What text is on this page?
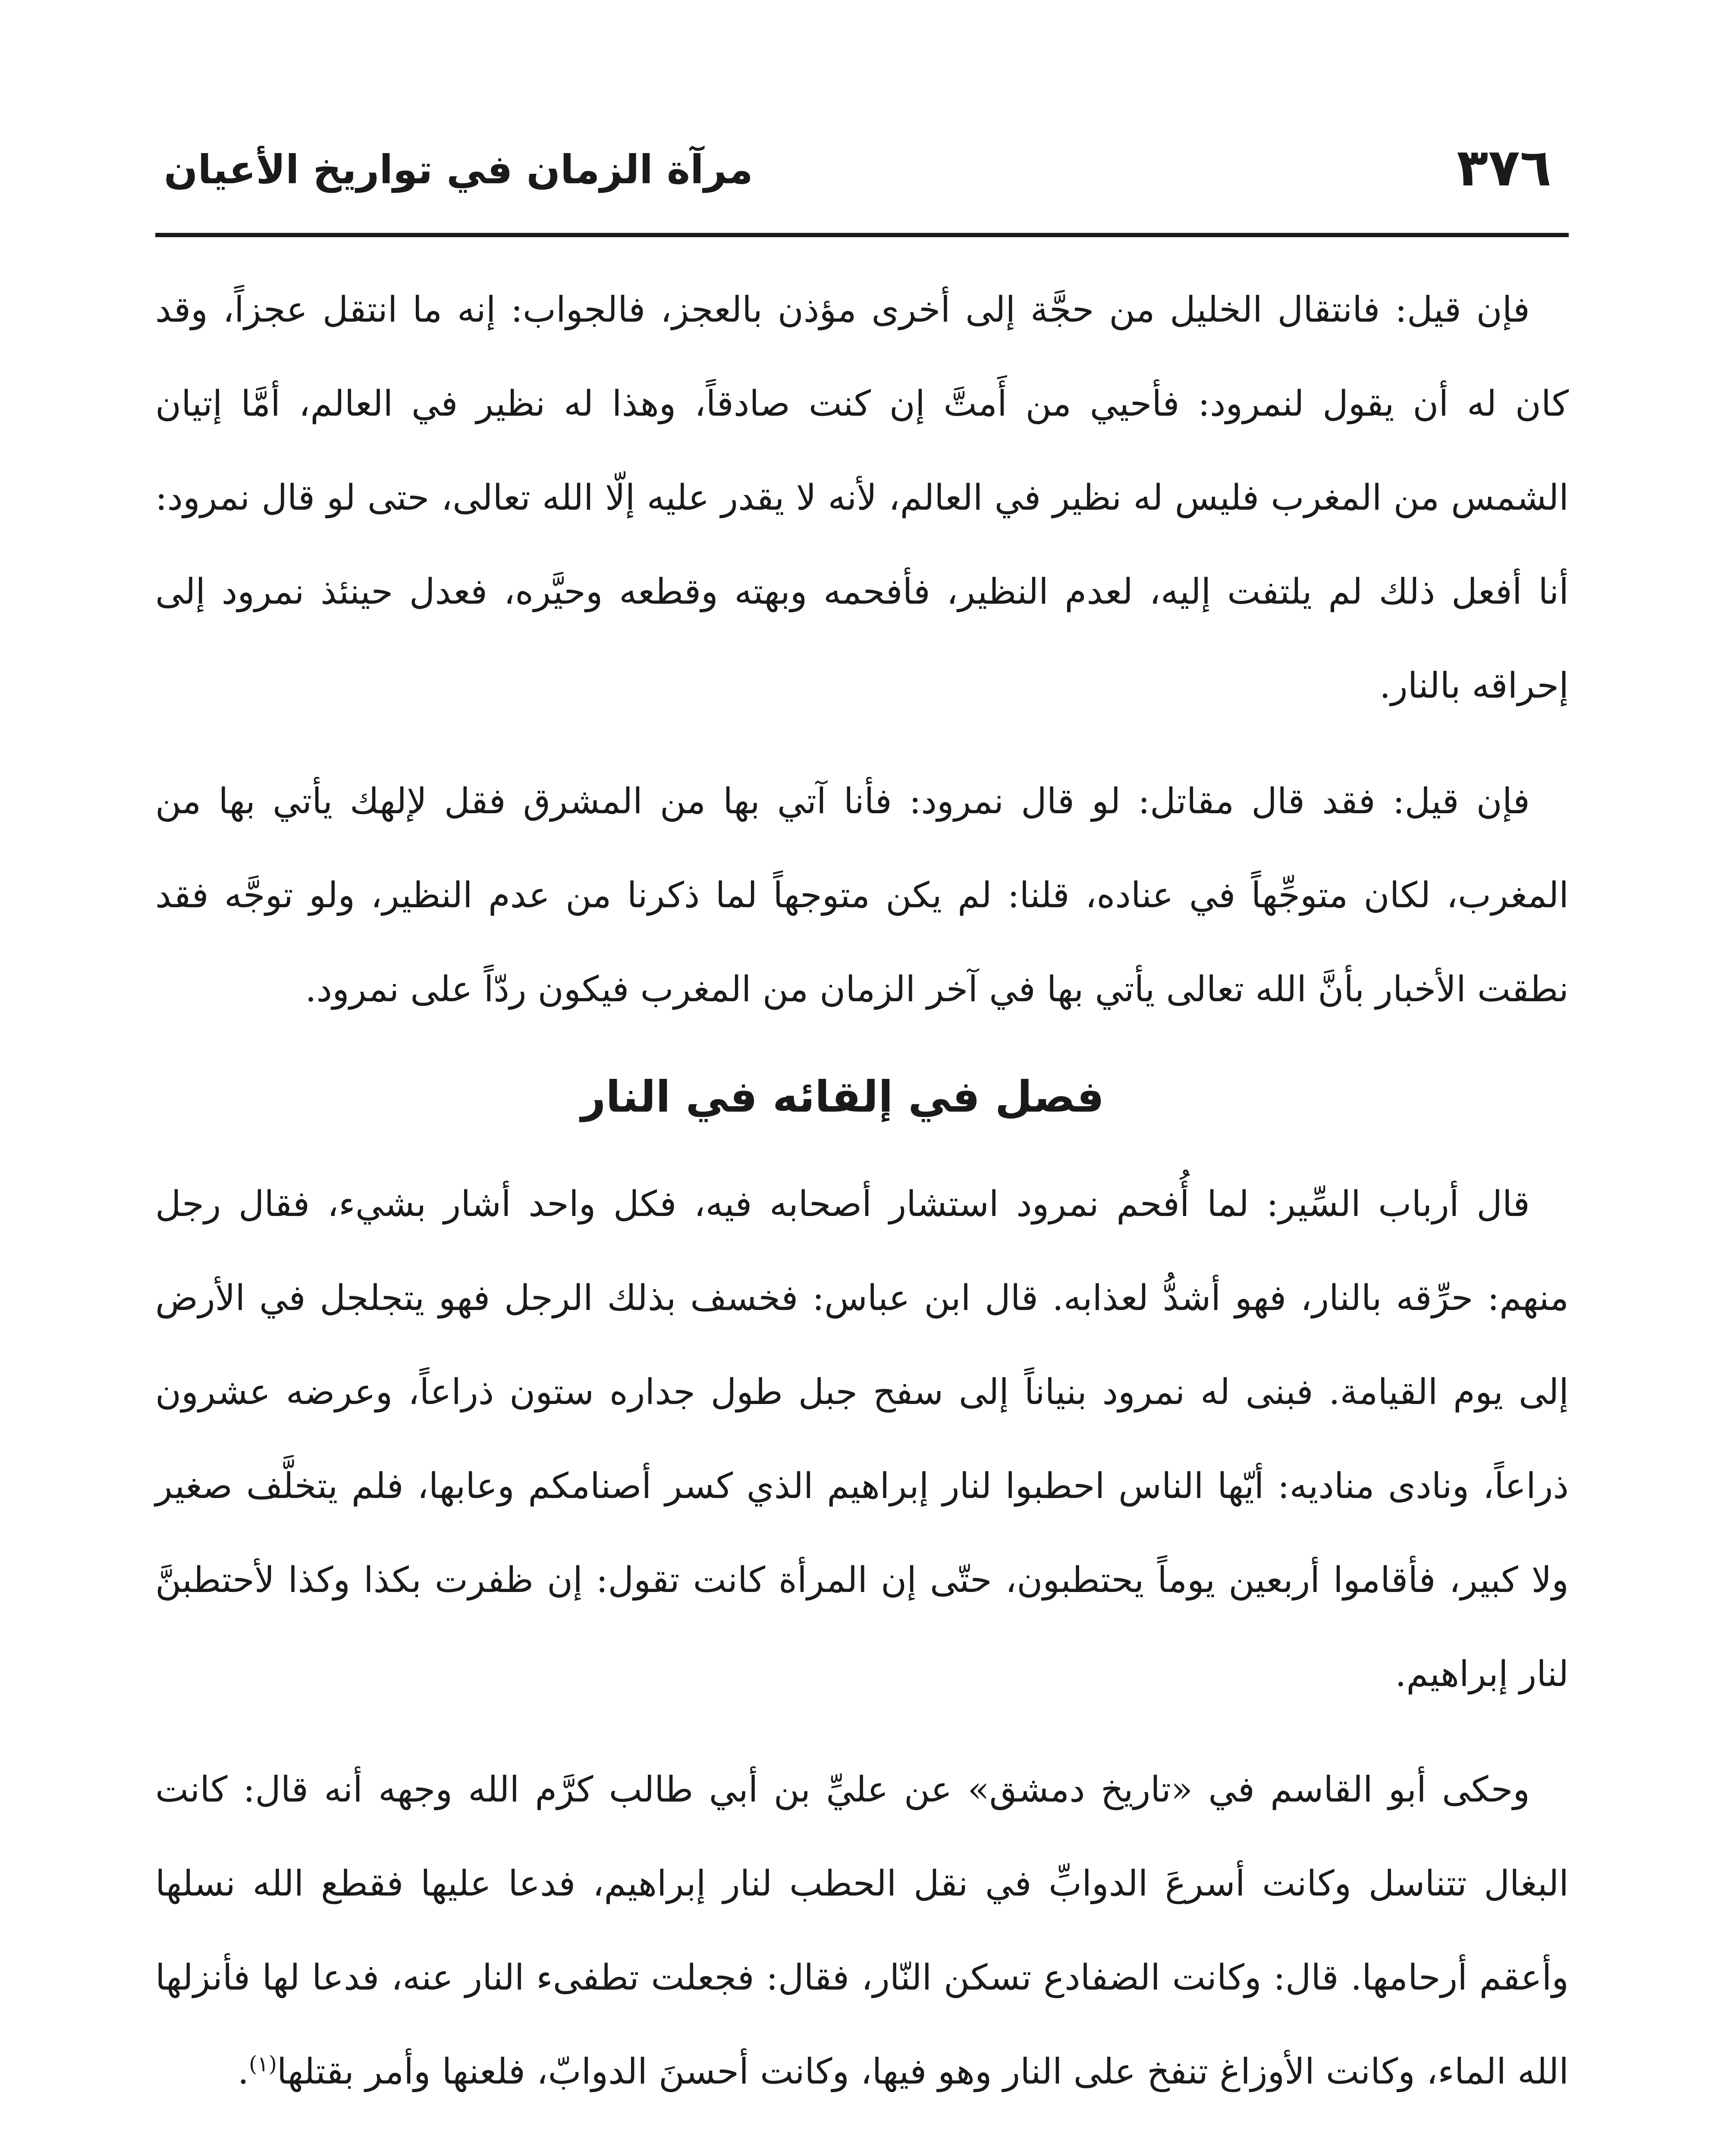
٣٧٦
مرآة الزمان في تواريخ الأعيان

فإن قيل: فانتقال الخليل من حجَّة إلى أخرى مؤذن بالعجز، فالجواب: إنه ما انتقل عجزاً، وقد كان له أن يقول لنمرود: فأحيي من أَمتَّ إن كنت صادقاً، وهذا له نظير في العالم، أمَّا إتيان الشمس من المغرب فليس له نظير في العالم، لأنه لا يقدر عليه إلّا الله تعالى، حتى لو قال نمرود: أنا أفعل ذلك لم يلتفت إليه، لعدم النظير، فأفحمه وبهته وقطعه وحيَّره، فعدل حينئذ نمرود إلى إحراقه بالنار.

فإن قيل: فقد قال مقاتل: لو قال نمرود: فأنا آتي بها من المشرق فقل لإلهك يأتي بها من المغرب، لكان متوجِّهاً في عناده، قلنا: لم يكن متوجهاً لما ذكرنا من عدم النظير، ولو توجَّه فقد نطقت الأخبار بأنَّ الله تعالى يأتي بها في آخر الزمان من المغرب فيكون ردّاً على نمرود.

فصل في إلقائه في النار

قال أرباب السِّير: لما أُفحم نمرود استشار أصحابه فيه، فكل واحد أشار بشيء، فقال رجل منهم: حرِّقه بالنار، فهو أشدُّ لعذابه. قال ابن عباس: فخسف بذلك الرجل فهو يتجلجل في الأرض إلى يوم القيامة. فبنى له نمرود بنياناً إلى سفح جبل طول جداره ستون ذراعاً، وعرضه عشرون ذراعاً، ونادى مناديه: أيّها الناس احطبوا لنار إبراهيم الذي كسر أصنامكم وعابها، فلم يتخلَّف صغير ولا كبير، فأقاموا أربعين يوماً يحتطبون، حتّى إن المرأة كانت تقول: إن ظفرت بكذا وكذا لأحتطبنَّ لنار إبراهيم.

وحكى أبو القاسم في «تاريخ دمشق» عن عليِّ بن أبي طالب كرَّم الله وجهه أنه قال: كانت البغال تتناسل وكانت أسرعَ الدوابِّ في نقل الحطب لنار إبراهيم، فدعا عليها فقطع الله نسلها وأعقم أرحامها. قال: وكانت الضفادع تسكن النّار، فقال: فجعلت تطفىء النار عنه، فدعا لها فأنزلها الله الماء، وكانت الأوزاغ تنفخ على النار وهو فيها، وكانت أحسنَ الدوابّ، فلعنها وأمر بقتلها$^{(١)}$.
